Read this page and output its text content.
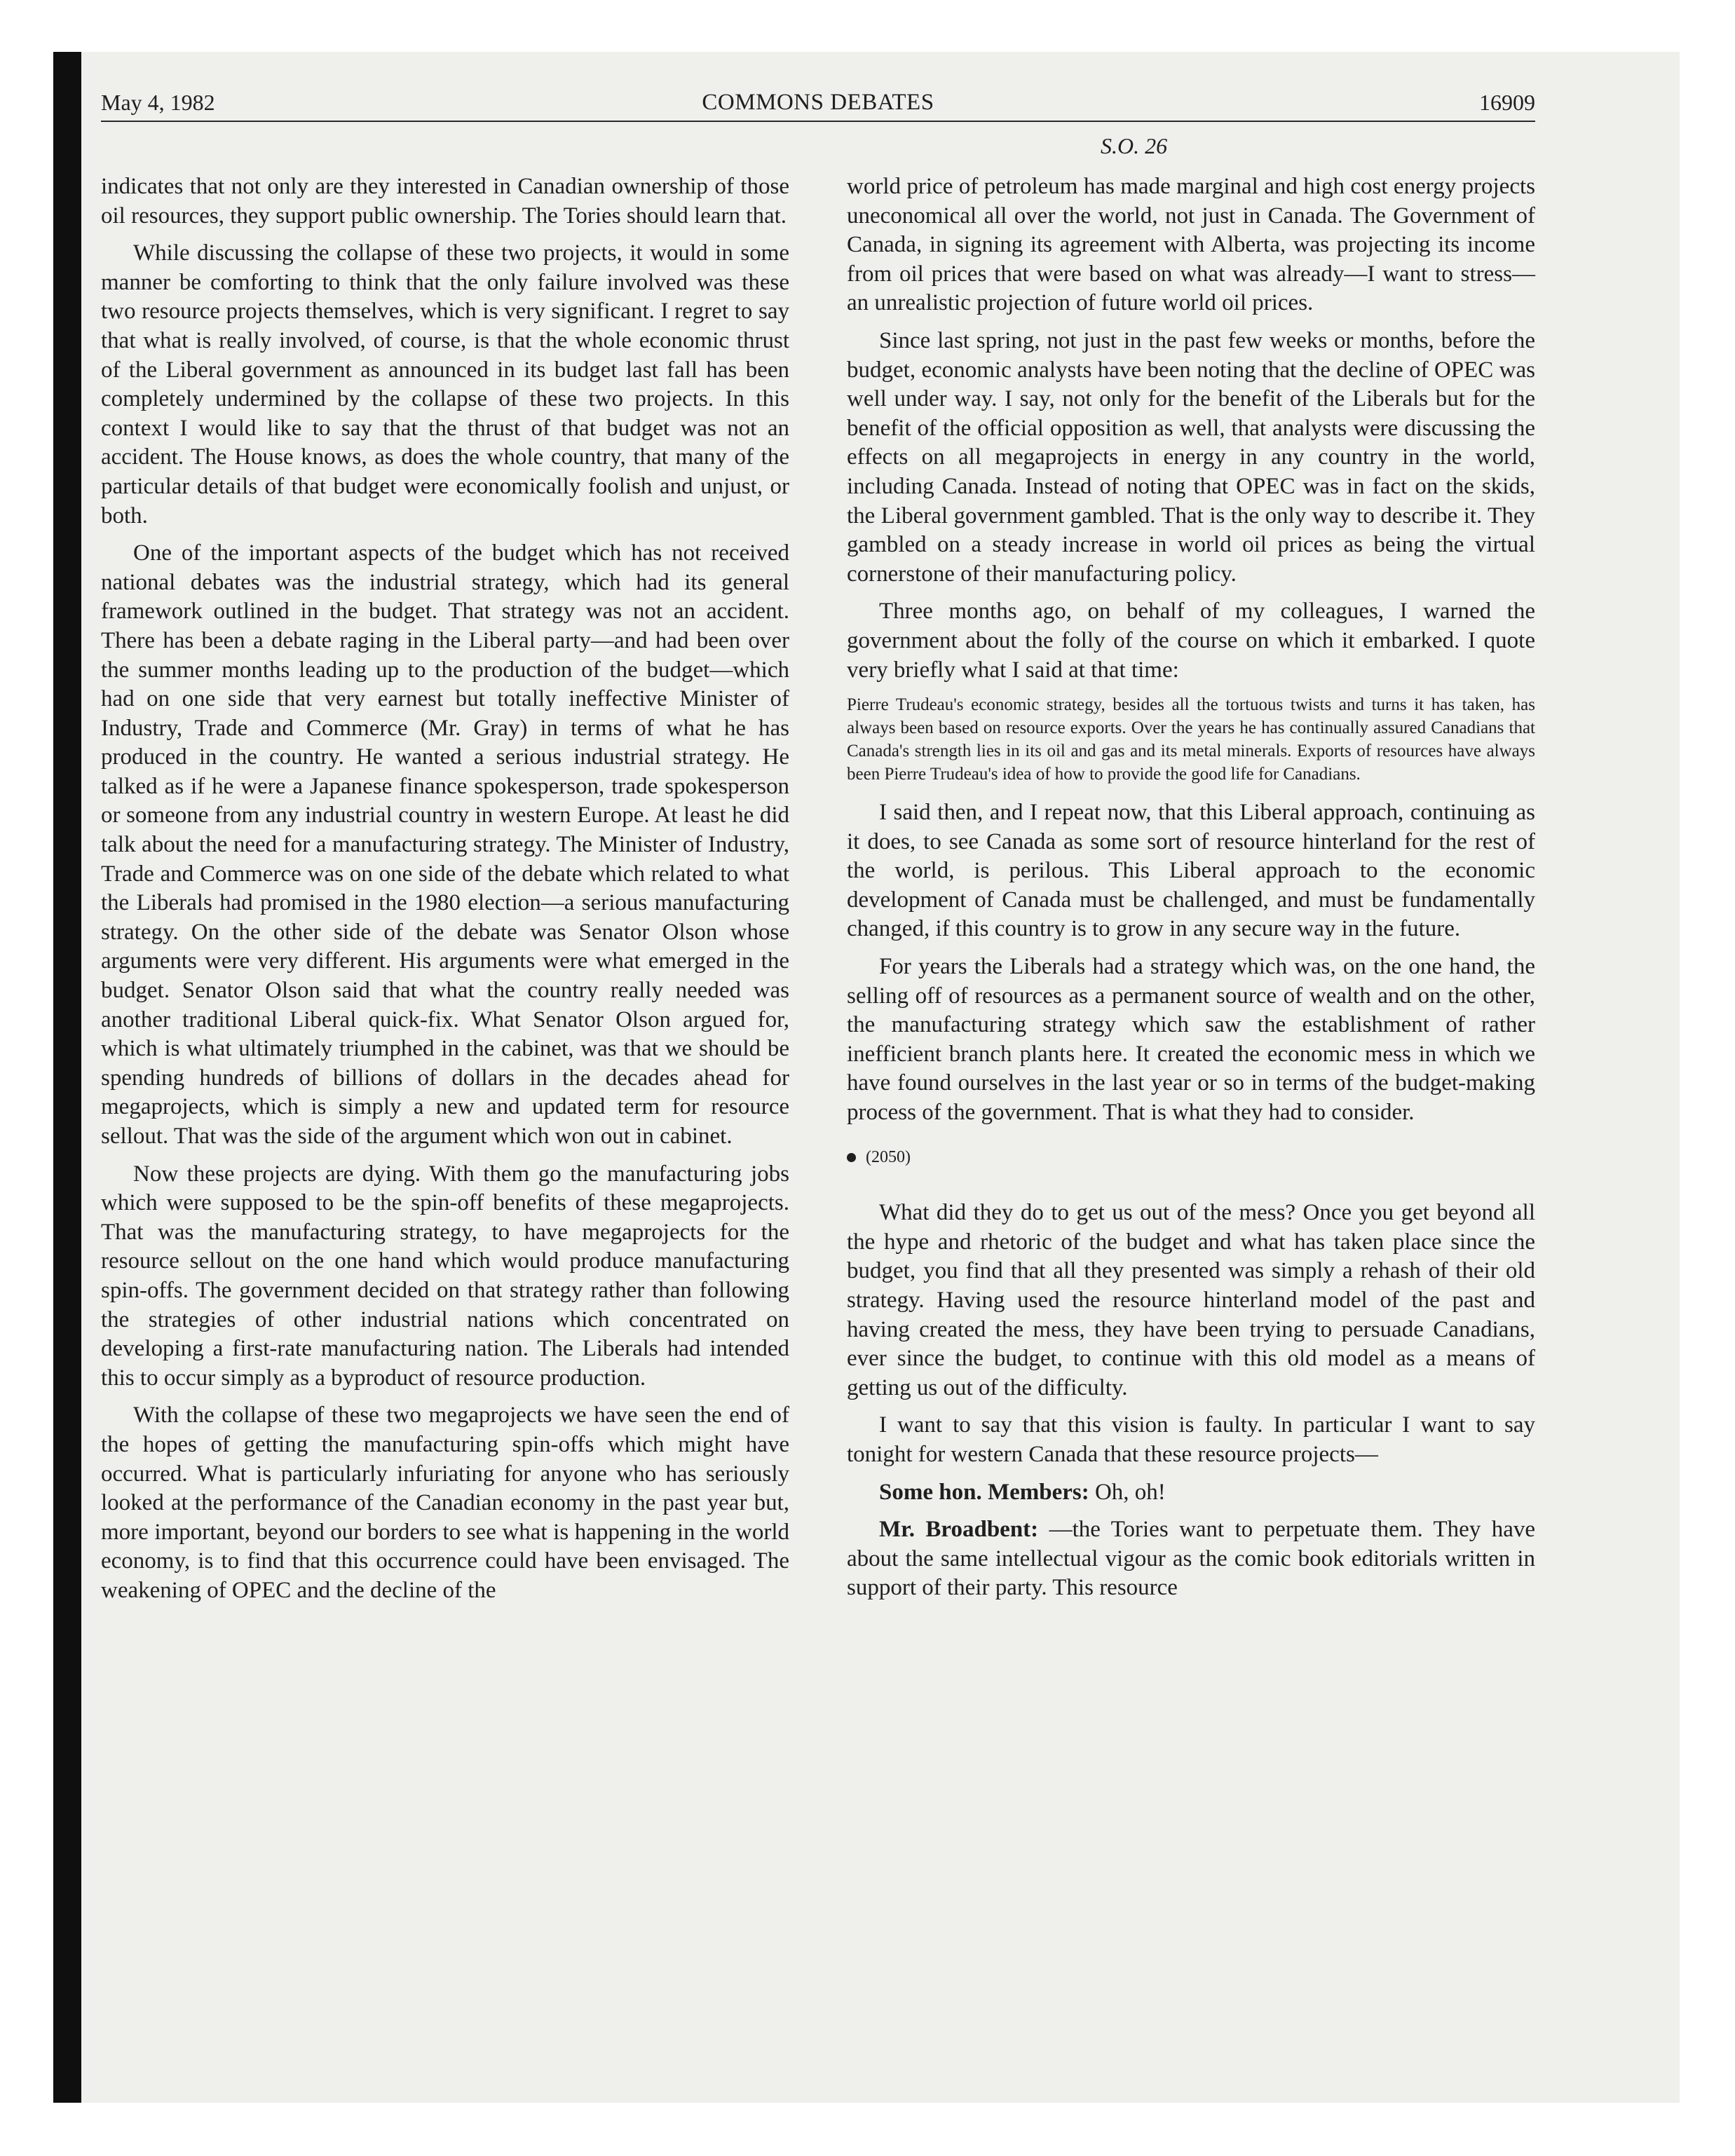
May 4, 1982	COMMONS DEBATES	16909
S.O. 26

indicates that not only are they interested in Canadian ownership of those oil resources, they support public ownership. The Tories should learn that.

While discussing the collapse of these two projects, it would in some manner be comforting to think that the only failure involved was these two resource projects themselves, which is very significant. I regret to say that what is really involved, of course, is that the whole economic thrust of the Liberal government as announced in its budget last fall has been completely undermined by the collapse of these two projects. In this context I would like to say that the thrust of that budget was not an accident. The House knows, as does the whole country, that many of the particular details of that budget were economically foolish and unjust, or both.

One of the important aspects of the budget which has not received national debates was the industrial strategy, which had its general framework outlined in the budget. That strategy was not an accident. There has been a debate raging in the Liberal party—and had been over the summer months leading up to the production of the budget—which had on one side that very earnest but totally ineffective Minister of Industry, Trade and Commerce (Mr. Gray) in terms of what he has produced in the country. He wanted a serious industrial strategy. He talked as if he were a Japanese finance spokesperson, trade spokesperson or someone from any industrial country in western Europe. At least he did talk about the need for a manufacturing strategy. The Minister of Industry, Trade and Commerce was on one side of the debate which related to what the Liberals had promised in the 1980 election—a serious manufacturing strategy. On the other side of the debate was Senator Olson whose arguments were very different. His arguments were what emerged in the budget. Senator Olson said that what the country really needed was another traditional Liberal quick-fix. What Senator Olson argued for, which is what ultimately triumphed in the cabinet, was that we should be spending hundreds of billions of dollars in the decades ahead for megaprojects, which is simply a new and updated term for resource sellout. That was the side of the argument which won out in cabinet.

Now these projects are dying. With them go the manufacturing jobs which were supposed to be the spin-off benefits of these megaprojects. That was the manufacturing strategy, to have megaprojects for the resource sellout on the one hand which would produce manufacturing spin-offs. The government decided on that strategy rather than following the strategies of other industrial nations which concentrated on developing a first-rate manufacturing nation. The Liberals had intended this to occur simply as a byproduct of resource production.

With the collapse of these two megaprojects we have seen the end of the hopes of getting the manufacturing spin-offs which might have occurred. What is particularly infuriating for anyone who has seriously looked at the performance of the Canadian economy in the past year but, more important, beyond our borders to see what is happening in the world economy, is to find that this occurrence could have been envisaged. The weakening of OPEC and the decline of the

world price of petroleum has made marginal and high cost energy projects uneconomical all over the world, not just in Canada. The Government of Canada, in signing its agreement with Alberta, was projecting its income from oil prices that were based on what was already—I want to stress—an unrealistic projection of future world oil prices.

Since last spring, not just in the past few weeks or months, before the budget, economic analysts have been noting that the decline of OPEC was well under way. I say, not only for the benefit of the Liberals but for the benefit of the official opposition as well, that analysts were discussing the effects on all megaprojects in energy in any country in the world, including Canada. Instead of noting that OPEC was in fact on the skids, the Liberal government gambled. That is the only way to describe it. They gambled on a steady increase in world oil prices as being the virtual cornerstone of their manufacturing policy.

Three months ago, on behalf of my colleagues, I warned the government about the folly of the course on which it embarked. I quote very briefly what I said at that time:

Pierre Trudeau's economic strategy, besides all the tortuous twists and turns it has taken, has always been based on resource exports. Over the years he has continually assured Canadians that Canada's strength lies in its oil and gas and its metal minerals. Exports of resources have always been Pierre Trudeau's idea of how to provide the good life for Canadians.

I said then, and I repeat now, that this Liberal approach, continuing as it does, to see Canada as some sort of resource hinterland for the rest of the world, is perilous. This Liberal approach to the economic development of Canada must be challenged, and must be fundamentally changed, if this country is to grow in any secure way in the future.

For years the Liberals had a strategy which was, on the one hand, the selling off of resources as a permanent source of wealth and on the other, the manufacturing strategy which saw the establishment of rather inefficient branch plants here. It created the economic mess in which we have found ourselves in the last year or so in terms of the budget-making process of the government. That is what they had to consider.

(2050)

What did they do to get us out of the mess? Once you get beyond all the hype and rhetoric of the budget and what has taken place since the budget, you find that all they presented was simply a rehash of their old strategy. Having used the resource hinterland model of the past and having created the mess, they have been trying to persuade Canadians, ever since the budget, to continue with this old model as a means of getting us out of the difficulty.

I want to say that this vision is faulty. In particular I want to say tonight for western Canada that these resource projects—

Some hon. Members: Oh, oh!

Mr. Broadbent: —the Tories want to perpetuate them. They have about the same intellectual vigour as the comic book editorials written in support of their party. This resource
